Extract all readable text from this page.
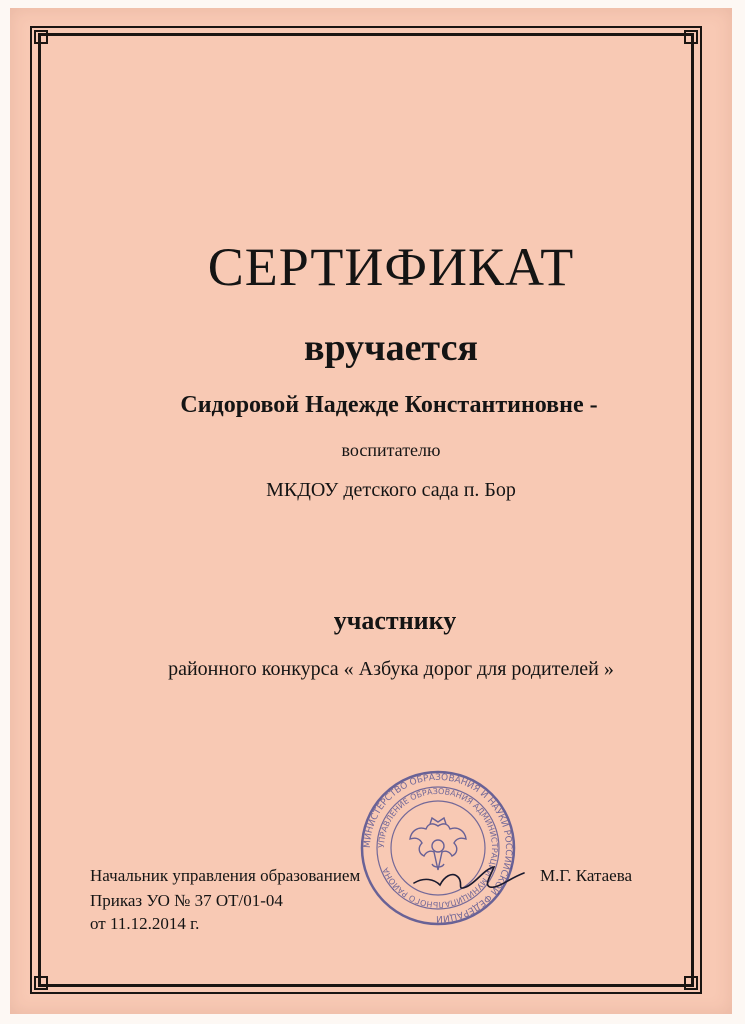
СЕРТИФИКАТ
вручается
Сидоровой Надежде Константиновне -
воспитателю
МКДОУ детского сада п. Бор
участнику
районного конкурса « Азбука дорог для родителей »
МИНИСТЕРСТВО ОБРАЗОВАНИЯ И НАУКИ РОССИЙСКОЙ ФЕДЕРАЦИИ
УПРАВЛЕНИЕ ОБРАЗОВАНИЯ АДМИНИСТРАЦИИ МУНИЦИПАЛЬНОГО РАЙОНА
Начальник управления образованием
Приказ УО № 37 ОТ/01-04
от 11.12.2014 г.
М.Г. Катаева
